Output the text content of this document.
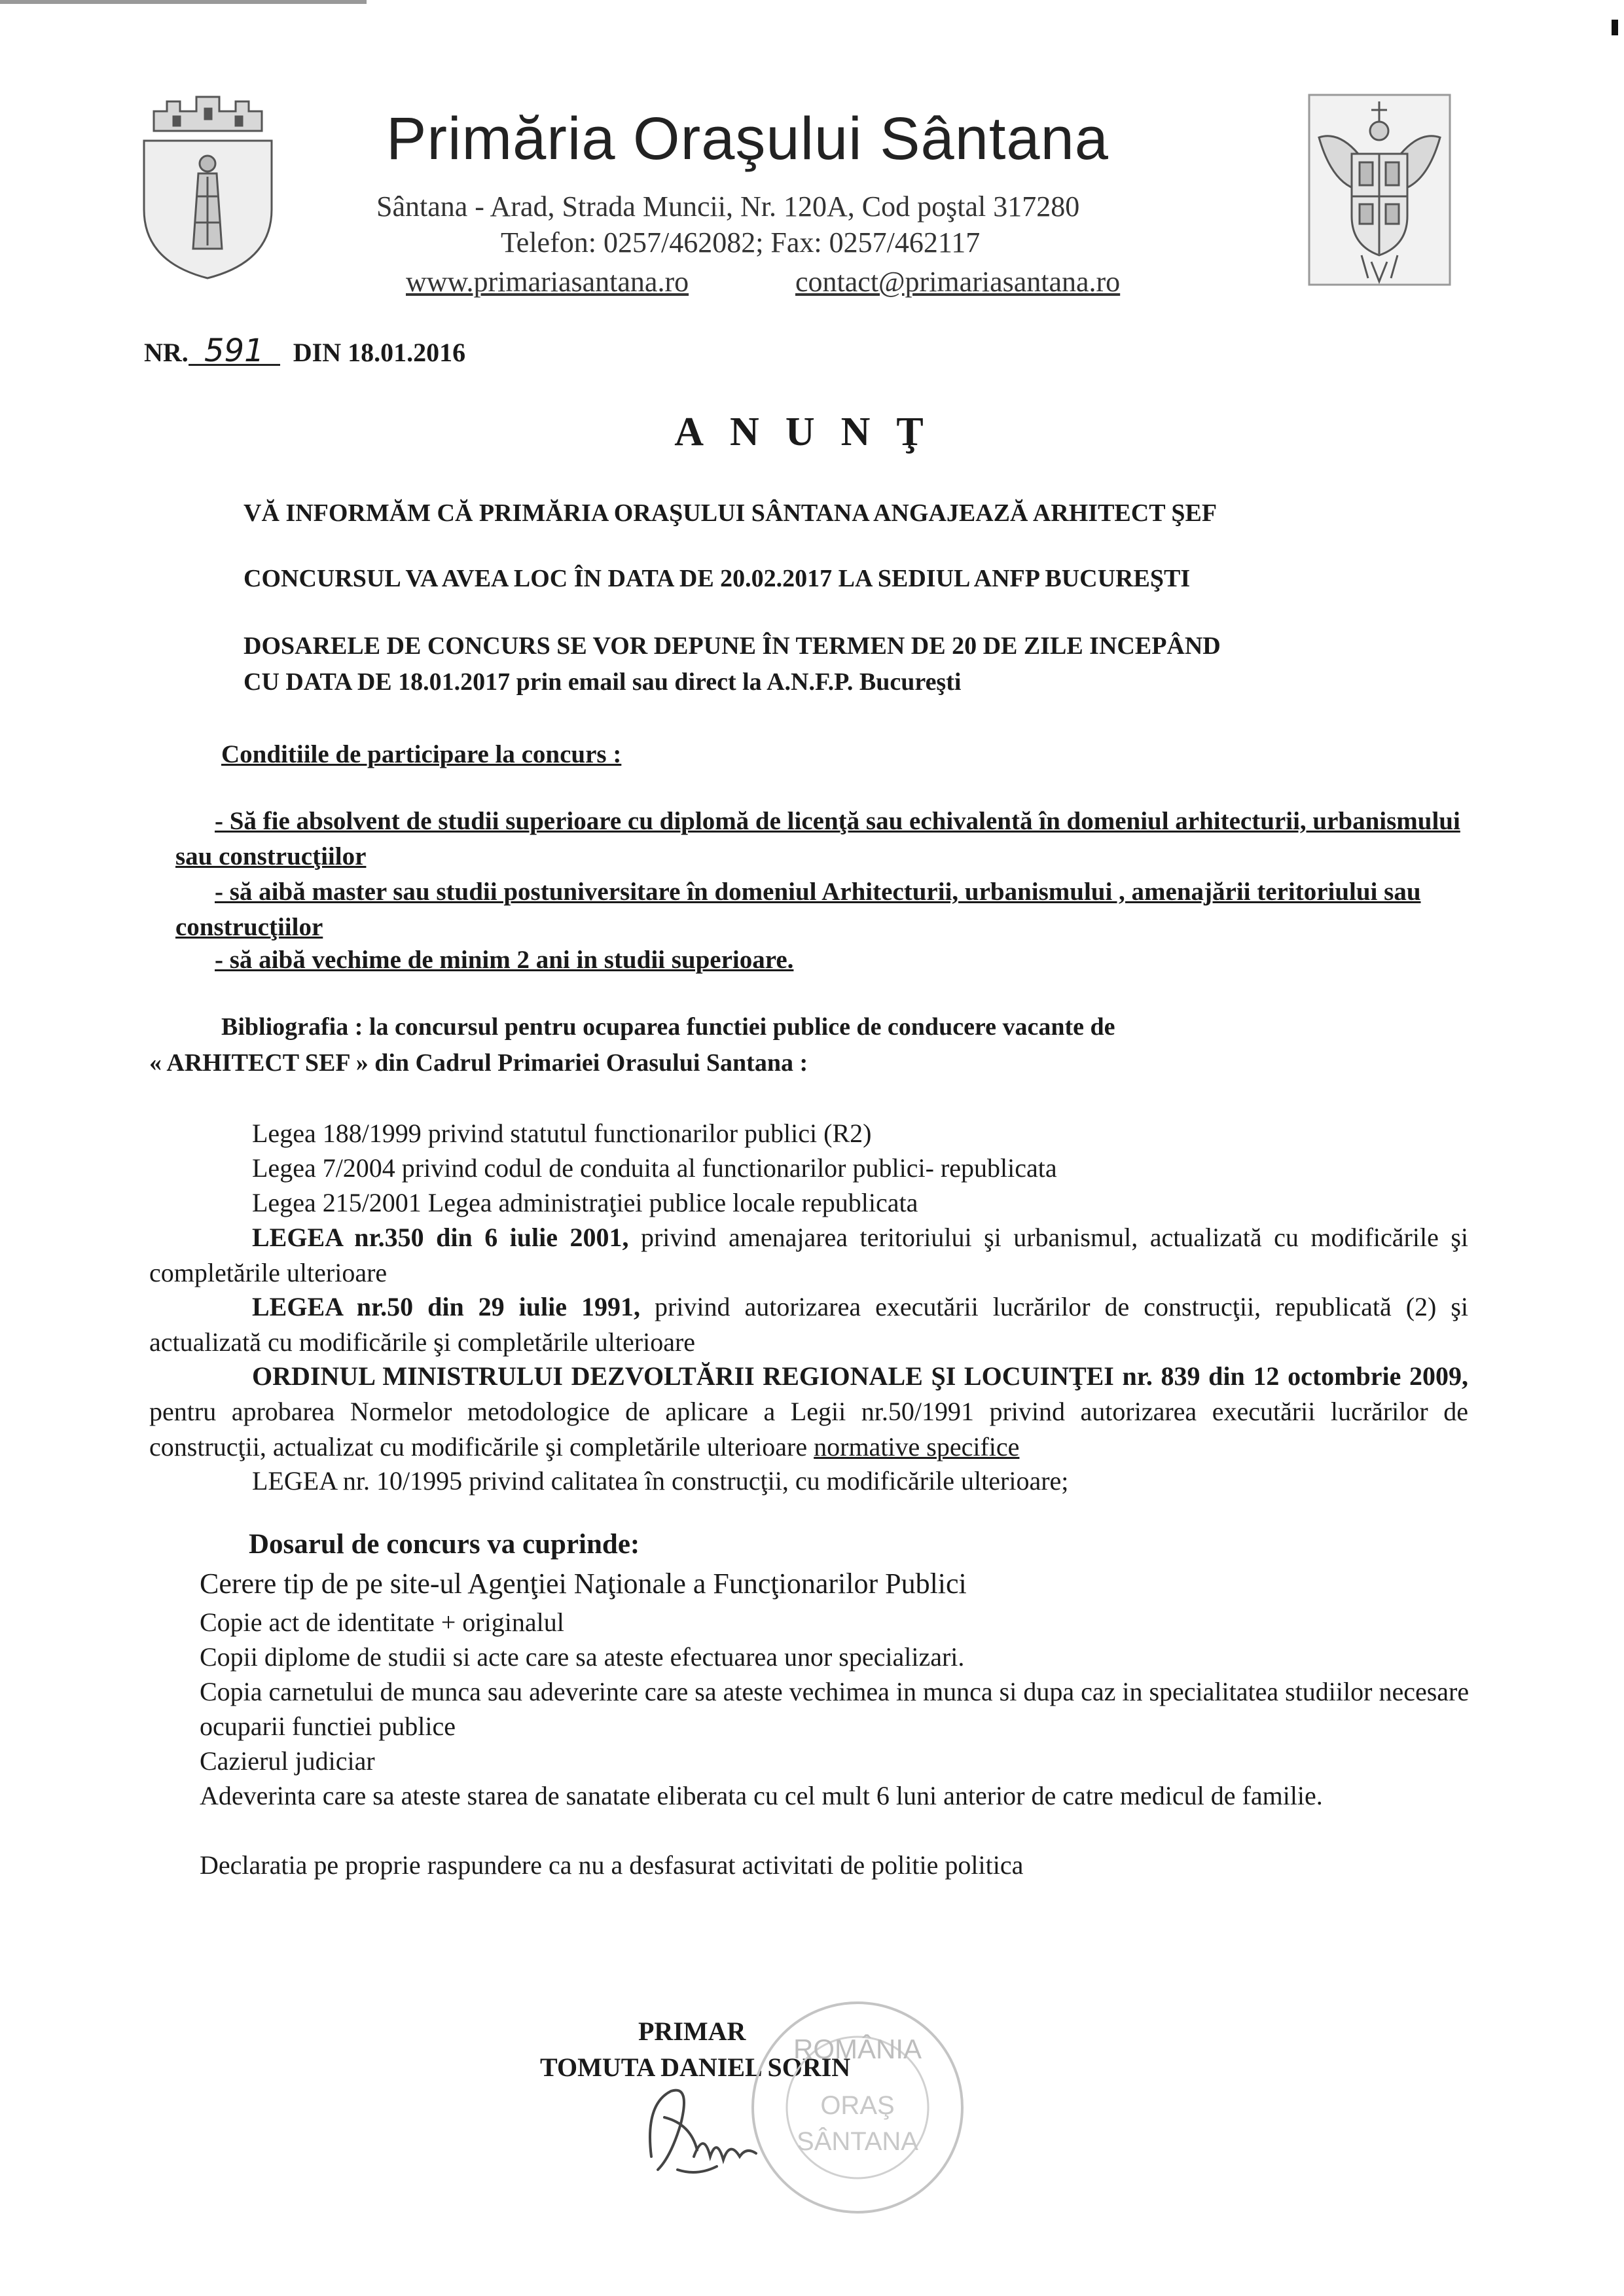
Primăria Oraşului Sântana
Sântana - Arad, Strada Muncii, Nr. 120A, Cod poştal 317280
Telefon: 0257/462082; Fax: 0257/462117
www.primariasantana.ro	contact@primariasantana.ro
NR. 591 DIN 18.01.2016
ANUNŢ
VĂ INFORMĂM CĂ PRIMĂRIA ORAŞULUI SÂNTANA ANGAJEAZĂ ARHITECT ŞEF
CONCURSUL VA AVEA LOC ÎN DATA DE 20.02.2017 LA SEDIUL ANFP BUCUREŞTI
DOSARELE DE CONCURS SE VOR DEPUNE ÎN TERMEN DE 20 DE ZILE INCEPÂND
CU DATA DE 18.01.2017 prin email sau direct la A.N.F.P. Bucureşti
Conditiile de participare la concurs :
- Să fie absolvent de studii superioare cu diplomă de licenţă sau echivalentă în domeniul arhitecturii, urbanismului sau construcţiilor
- să aibă master sau studii postuniversitare în domeniul Arhitecturii, urbanismului , amenajării teritoriului sau construcţiilor
- să aibă vechime de minim 2 ani in studii superioare.
Bibliografia : la concursul pentru ocuparea functiei publice de conducere vacante de
« ARHITECT SEF » din Cadrul Primariei Orasului Santana :
Legea 188/1999 privind statutul functionarilor publici (R2)
Legea 7/2004 privind codul de conduita al functionarilor publici- republicata
Legea 215/2001 Legea administraţiei publice locale republicata
LEGEA nr.350 din 6 iulie 2001, privind amenajarea teritoriului şi urbanismul, actualizată cu modificările şi completările ulterioare
LEGEA nr.50 din 29 iulie 1991, privind autorizarea executării lucrărilor de construcţii, republicată (2) şi actualizată cu modificările şi completările ulterioare
ORDINUL MINISTRULUI DEZVOLTĂRII REGIONALE ŞI LOCUINŢEI nr. 839 din 12 octombrie 2009, pentru aprobarea Normelor metodologice de aplicare a Legii nr.50/1991 privind autorizarea executării lucrărilor de construcţii, actualizat cu modificările şi completările ulterioare normative specifice
LEGEA nr. 10/1995 privind calitatea în construcţii, cu modificările ulterioare;
Dosarul de concurs va cuprinde:
Cerere tip de pe site-ul Agenţiei Naţionale a Funcţionarilor Publici
Copie act de identitate + originalul
Copii diplome de studii si acte care sa ateste efectuarea unor specializari.
Copia carnetului de munca sau adeverinte care sa ateste vechimea in munca si dupa caz in specialitatea studiilor necesare ocuparii functiei publice
Cazierul judiciar
Adeverinta care sa ateste starea de sanatate eliberata cu cel mult 6 luni anterior de catre medicul de familie.
Declaratia pe proprie raspundere ca nu a desfasurat activitati de politie politica
PRIMAR
TOMUTA DANIEL SORIN
ROMÂNIA
ORAŞ
SÂNTANA
